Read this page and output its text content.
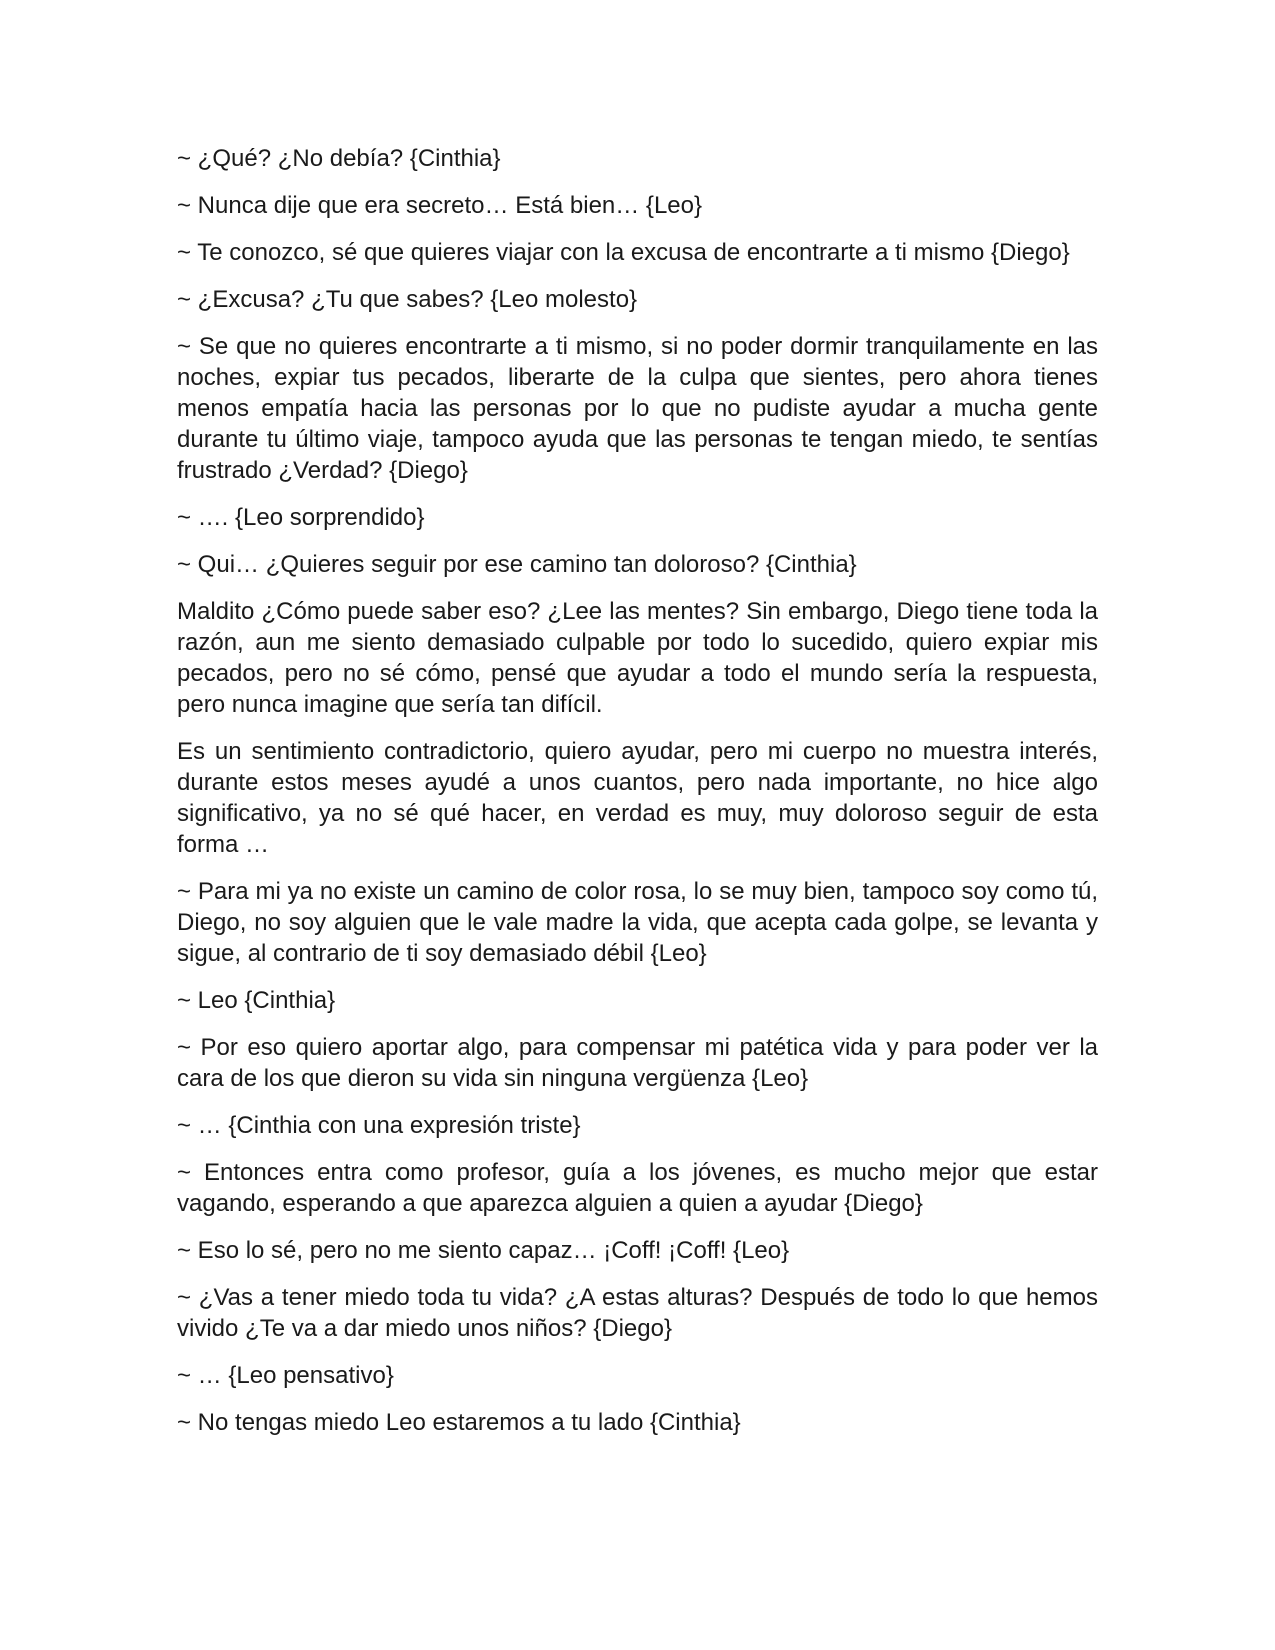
~ ¿Qué? ¿No debía? {Cinthia}

~ Nunca dije que era secreto… Está bien… {Leo}

~ Te conozco, sé que quieres viajar con la excusa de encontrarte a ti mismo {Diego}

~ ¿Excusa? ¿Tu que sabes? {Leo molesto}

~ Se que no quieres encontrarte a ti mismo, si no poder dormir tranquilamente en las noches, expiar tus pecados, liberarte de la culpa que sientes, pero ahora tienes menos empatía hacia las personas por lo que no pudiste ayudar a mucha gente durante tu último viaje, tampoco ayuda que las personas te tengan miedo, te sentías frustrado ¿Verdad? {Diego}

~ …. {Leo sorprendido}

~ Qui… ¿Quieres seguir por ese camino tan doloroso? {Cinthia}

Maldito ¿Cómo puede saber eso? ¿Lee las mentes? Sin embargo, Diego tiene toda la razón, aun me siento demasiado culpable por todo lo sucedido, quiero expiar mis pecados, pero no sé cómo, pensé que ayudar a todo el mundo sería la respuesta, pero nunca imagine que sería tan difícil.

Es un sentimiento contradictorio, quiero ayudar, pero mi cuerpo no muestra interés, durante estos meses ayudé a unos cuantos, pero nada importante, no hice algo significativo, ya no sé qué hacer, en verdad es muy, muy doloroso seguir de esta forma …

~ Para mi ya no existe un camino de color rosa, lo se muy bien, tampoco soy como tú, Diego, no soy alguien que le vale madre la vida, que acepta cada golpe, se levanta y sigue, al contrario de ti soy demasiado débil {Leo}

~ Leo {Cinthia}

~ Por eso quiero aportar algo, para compensar mi patética vida y para poder ver la cara de los que dieron su vida sin ninguna vergüenza {Leo}

~ … {Cinthia con una expresión triste}

~ Entonces entra como profesor, guía a los jóvenes, es mucho mejor que estar vagando, esperando a que aparezca alguien a quien a ayudar {Diego}

~ Eso lo sé, pero no me siento capaz… ¡Coff! ¡Coff! {Leo}

~ ¿Vas a tener miedo toda tu vida? ¿A estas alturas? Después de todo lo que hemos vivido ¿Te va a dar miedo unos niños? {Diego}

~ … {Leo pensativo}

~ No tengas miedo Leo estaremos a tu lado {Cinthia}
